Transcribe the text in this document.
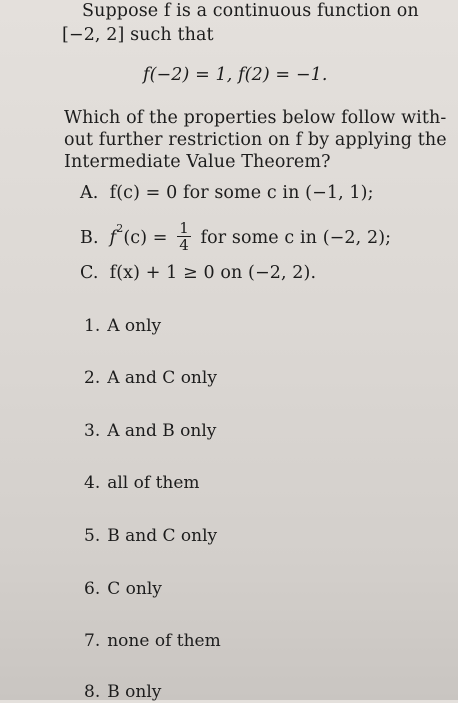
Suppose f is a continuous function on
[−2, 2] such that
f(−2) = 1, f(2) = −1.
Which of the properties below follow with-
out further restriction on f by applying the
Intermediate Value Theorem?
A. f(c) = 0 for some c in (−1, 1);
B. $f^2(c) = \frac{1}{4}$ for some c in (−2, 2);
C. f(x) + 1 ≥ 0 on (−2, 2).
1. A only
2. A and C only
3. A and B only
4. all of them
5. B and C only
6. C only
7. none of them
8. B only
